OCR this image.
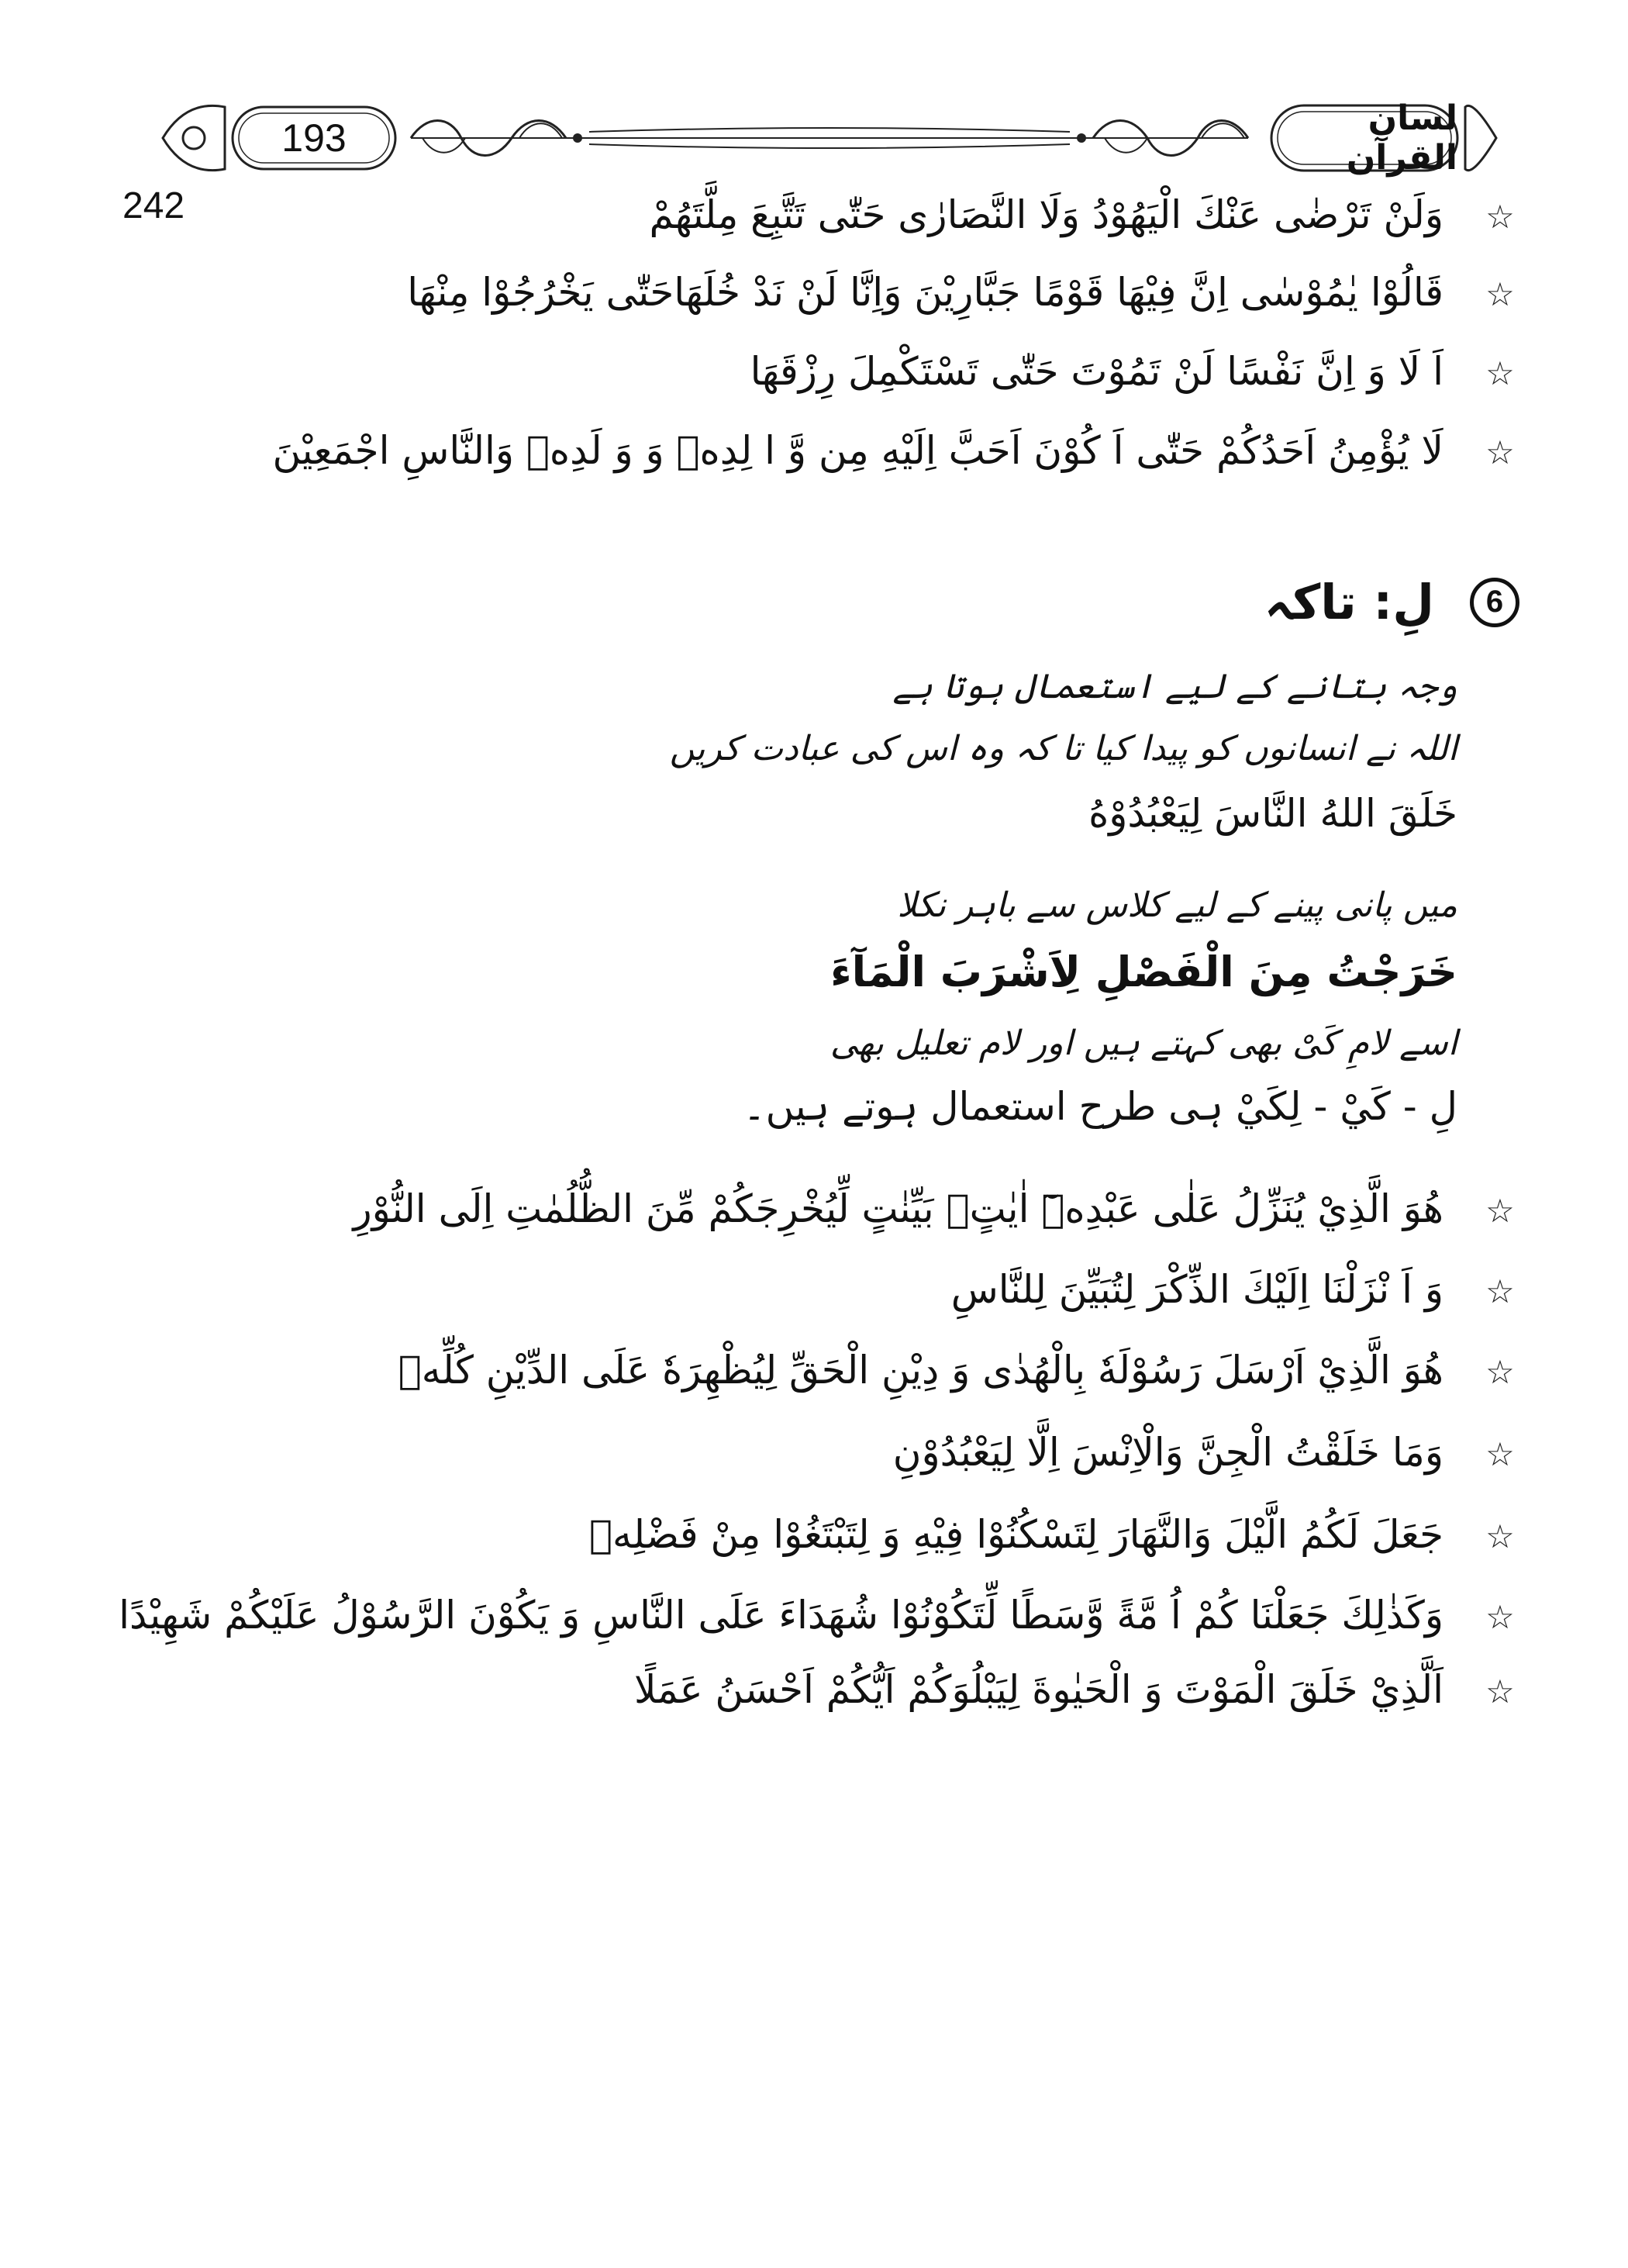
193	لسان القرآن
242	☆وَلَنْ تَرْضٰى عَنْكَ الْيَهُوْدُ وَلَا النَّصَارٰى حَتّٰى تَتَّبِعَ مِلَّتَهُمْ
☆قَالُوْا يٰمُوْسٰى اِنَّ فِيْهَا قَوْمًا جَبَّارِيْنَ وَاِنَّا لَنْ نَدْ خُلَهَاحَتّٰى يَخْرُجُوْا مِنْهَا
☆اَ لَا وَ اِنَّ نَفْسًا لَنْ تَمُوْتَ حَتّٰى تَسْتَكْمِلَ رِزْقَهَا
☆لَا يُؤْمِنُ اَحَدُكُمْ حَتّٰى اَ كُوْنَ اَحَبَّ اِلَيْهِ مِن وَّ ا لِدِهٖ وَ وَ لَدِهٖ وَالنَّاسِ اجْمَعِيْنَ
6
لِ: تاکہ
وجہ بتانے کے لیے استعمال ہوتا ہے
اللہ نے انسانوں کو پیدا کیا تا کہ وہ اس کی عبادت کریں
خَلَقَ اللهُ النَّاسَ لِيَعْبُدُوْهُ
میں پانی پینے کے لیے کلاس سے باہر نکلا
خَرَجْتُ مِنَ الْفَصْلِ لِاَشْرَبَ الْمَآءَ
اسے لامِ کَیْ بھی کہتے ہیں اور لام تعلیل بھی
لِ - كَيْ - لِكَيْ ہی طرح استعمال ہوتے ہیں۔
☆هُوَ الَّذِيْ يُنَزِّلُ عَلٰى عَبْدِهٖٓ اٰيٰتٍۢ بَيِّنٰتٍ لِّيُخْرِجَكُمْ مِّنَ الظُّلُمٰتِ اِلَى النُّوْرِ
☆وَ اَ نْزَلْنَا اِلَيْكَ الذِّكْرَ لِتُبَيِّنَ لِلنَّاسِ
☆هُوَ الَّذِيْ اَرْسَلَ رَسُوْلَهٗ بِالْهُدٰى وَ دِيْنِ الْحَقِّ لِيُظْهِرَهٗ عَلَى الدِّيْنِ كُلِّهٖ
☆وَمَا خَلَقْتُ الْجِنَّ وَالْاِنْسَ اِلَّا لِيَعْبُدُوْنِ
☆جَعَلَ لَكُمُ الَّيْلَ وَالنَّهَارَ لِتَسْكُنُوْا فِيْهِ وَ لِتَبْتَغُوْا مِنْ فَضْلِهٖ
☆وَكَذٰلِكَ جَعَلْنَا كُمْ اُ مَّةً وَّسَطًا لِّتَكُوْنُوْا شُهَدَاءَ عَلَى النَّاسِ وَ يَكُوْنَ الرَّسُوْلُ عَلَيْكُمْ شَهِيْدًا
☆اَلَّذِيْ خَلَقَ الْمَوْتَ وَ الْحَيٰوةَ لِيَبْلُوَكُمْ اَيُّكُمْ اَحْسَنُ عَمَلًا
